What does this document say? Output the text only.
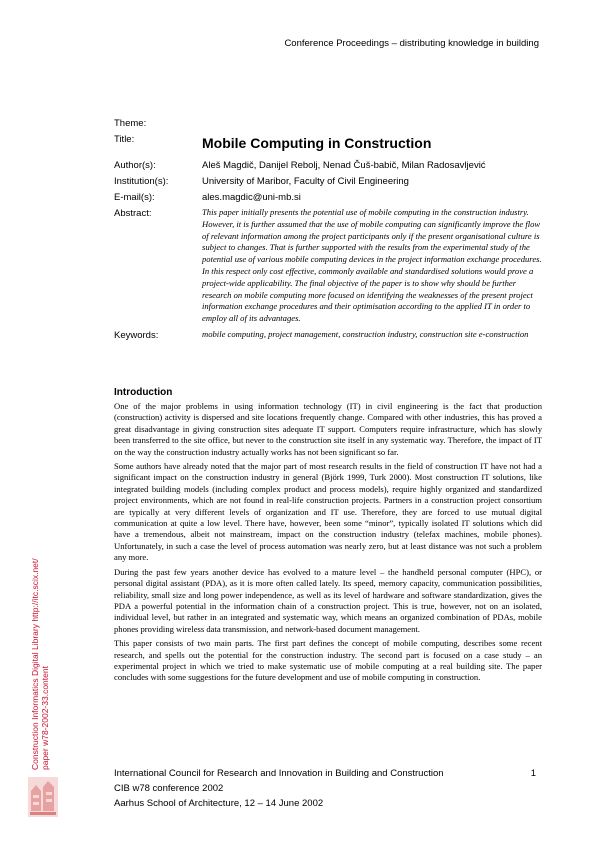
Conference Proceedings – distributing knowledge in building
Theme:
Title:	Mobile Computing in Construction
Author(s):	Aleš Magdič, Danijel Rebolj, Nenad Čuš-babič, Milan Radosavljević
Institution(s):	University of Maribor, Faculty of Civil Engineering
E-mail(s):	ales.magdic@uni-mb.si
Abstract:	This paper initially presents the potential use of mobile computing in the construction industry. However, it is further assumed that the use of mobile computing can significantly improve the flow of relevant information among the project participants only if the present organisational culture is subject to changes. That is further supported with the results from the experimental study of the potential use of various mobile computing devices in the project information exchange procedures. In this respect only cost effective, commonly available and standardised solutions would prove a project-wide applicability. The final objective of the paper is to show why should be further research on mobile computing more focused on identifying the weaknesses of the present project information exchange procedures and their optimisation according to the applied IT in order to employ all of its advantages.
Keywords:	mobile computing, project management, construction industry, construction site e-construction
Introduction

One of the major problems in using information technology (IT) in civil engineering is the fact that production (construction) activity is dispersed and site locations frequently change. Compared with other industries, this has proved a great disadvantage in giving construction sites adequate IT support. Computers require infrastructure, which has slowly been transferred to the site office, but never to the construction site itself in any systematic way. Therefore, the impact of IT on the way the construction industry actually works has not been significant so far.

Some authors have already noted that the major part of most research results in the field of construction IT have not had a significant impact on the construction industry in general (Björk 1999, Turk 2000). Most construction IT solutions, like integrated building models (including complex product and process models), require highly organized and standardized project environments, which are not found in real-life construction projects. Partners in a construction project consortium are typically at very different levels of organization and IT use. Therefore, they are forced to use mutual digital communication at quite a low level. There have, however, been some “minor”, typically isolated IT solutions which did have a tremendous, albeit not mainstream, impact on the construction industry (telefax machines, mobile phones). Unfortunately, in such a case the level of process automation was nearly zero, but at least distance was not such a problem any more.

During the past few years another device has evolved to a mature level – the handheld personal computer (HPC), or personal digital assistant (PDA), as it is more often called lately. Its speed, memory capacity, communication possibilities, reliability, small size and long power independence, as well as its level of hardware and software standardization, gives the PDA a powerful potential in the information chain of a construction project. This is true, however, not on an isolated, individual level, but rather in an integrated and systematic way, which means an organized combination of PDAs, mobile phones providing wireless data transmission, and network-based document management.

This paper consists of two main parts. The first part defines the concept of mobile computing, describes some recent research, and spells out the potential for the construction industry. The second part is focused on a case study – an experimental project in which we tried to make systematic use of mobile computing at a real building site. The paper concludes with some suggestions for the future development and use of mobile computing in construction.

Construction Informatics Digital Library http://itc.scix.net/ paper w78-2002-33.content
International Council for Research and Innovation in Building and Construction
CIB w78 conference 2002
Aarhus School of Architecture, 12 – 14 June 2002
1
